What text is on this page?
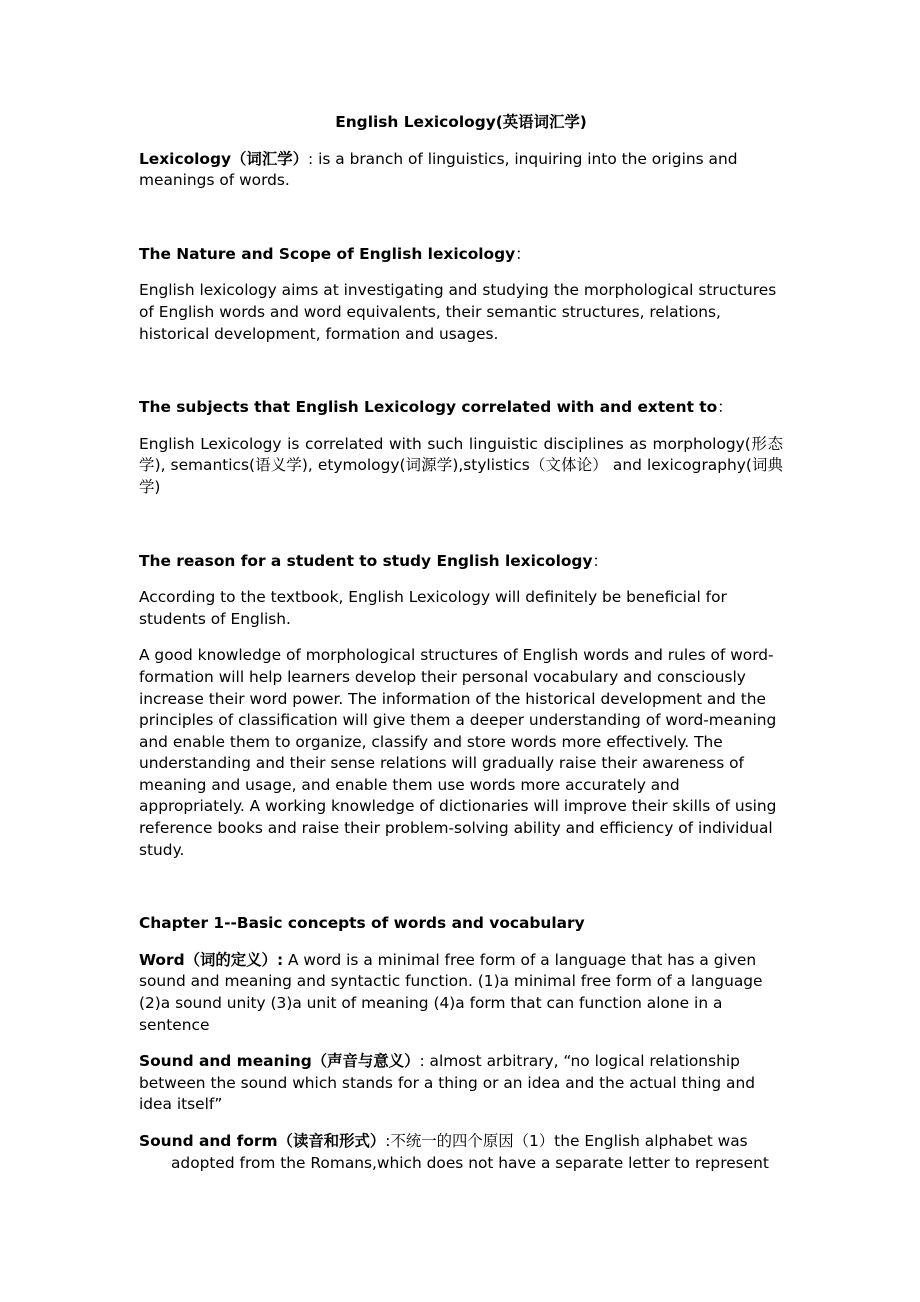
English Lexicology(英语词汇学)

Lexicology（词汇学）: is a branch of linguistics, inquiring into the origins and meanings of words.

The Nature and Scope of English lexicology：

English lexicology aims at investigating and studying the morphological structures of English words and word equivalents, their semantic structures, relations, historical development, formation and usages.

The subjects that English Lexicology correlated with and extent to：

English Lexicology is correlated with such linguistic disciplines as morphology(形态学), semantics(语义学), etymology(词源学),stylistics（文体论） and lexicography(词典学)

The reason for a student to study English lexicology：

According to the textbook, English Lexicology will definitely be beneficial for students of English.

A good knowledge of morphological structures of English words and rules of word-formation will help learners develop their personal vocabulary and consciously increase their word power. The information of the historical development and the principles of classification will give them a deeper understanding of word-meaning and enable them to organize, classify and store words more effectively. The understanding and their sense relations will gradually raise their awareness of meaning and usage, and enable them use words more accurately and appropriately. A working knowledge of dictionaries will improve their skills of using reference books and raise their problem-solving ability and efficiency of individual study.

Chapter 1--Basic concepts of words and vocabulary

Word（词的定义）: A word is a minimal free form of a language that has a given sound and meaning and syntactic function. (1)a minimal free form of a language (2)a sound unity (3)a unit of meaning (4)a form that can function alone in a sentence

Sound and meaning（声音与意义）: almost arbitrary, “no logical relationship between the sound which stands for a thing or an idea and the actual thing and idea itself”

Sound and form（读音和形式）:不统一的四个原因（1）the English alphabet was adopted from the Romans,which does not have a separate letter to represent
